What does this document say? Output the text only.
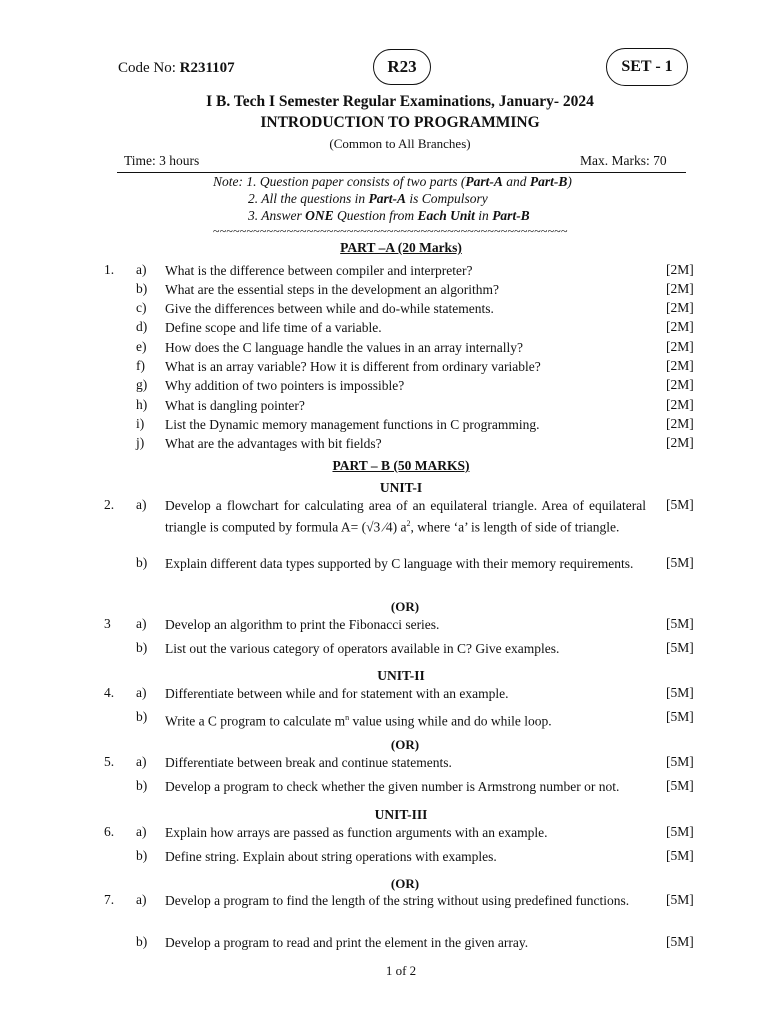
Code No: R231107	R23	SET - 1
I B. Tech I Semester Regular Examinations, January- 2024
INTRODUCTION TO PROGRAMMING
(Common to All Branches)
Time: 3 hours	Max. Marks: 70
Note: 1. Question paper consists of two parts (Part-A and Part-B)
2. All the questions in Part-A is Compulsory
3. Answer ONE Question from Each Unit in Part-B
~~~~~~~~~~~~~~~~~~~~~~~~~~~~~~~~~~~~~~~~~~~~~~~~~~~~~
PART –A (20 Marks)
1. a) What is the difference between compiler and interpreter?	[2M]
b) What are the essential steps in the development an algorithm?	[2M]
c) Give the differences between while and do-while statements.	[2M]
d) Define scope and life time of a variable.	[2M]
e) How does the C language handle the values in an array internally?	[2M]
f) What is an array variable? How it is different from ordinary variable?	[2M]
g) Why addition of two pointers is impossible?	[2M]
h) What is dangling pointer?	[2M]
i) List the Dynamic memory management functions in C programming.	[2M]
j) What are the advantages with bit fields?	[2M]
PART – B (50 MARKS)
UNIT-I
2. a) Develop a flowchart for calculating area of an equilateral triangle. Area of equilateral triangle is computed by formula A= (√3 ⁄4) $a^2$, where ‘a’ is length of side of triangle.
[5M]
b) Explain different data types supported by C language with their memory requirements.	[5M]
(OR)
3 a) Develop an algorithm to print the Fibonacci series.	[5M]
b) List out the various category of operators available in C? Give examples.	[5M]
UNIT-II
4. a) Differentiate between while and for statement with an example.	[5M]
b) Write a C program to calculate $m^n$ value using while and do while loop.	[5M]
(OR)
5. a) Differentiate between break and continue statements.	[5M]
b) Develop a program to check whether the given number is Armstrong number or not.	[5M]
UNIT-III
6. a) Explain how arrays are passed as function arguments with an example.	[5M]
b) Define string. Explain about string operations with examples.	[5M]
(OR)
7. a) Develop a program to find the length of the string without using predefined functions.	[5M]
b) Develop a program to read and print the element in the given array.	[5M]
1 of 2
